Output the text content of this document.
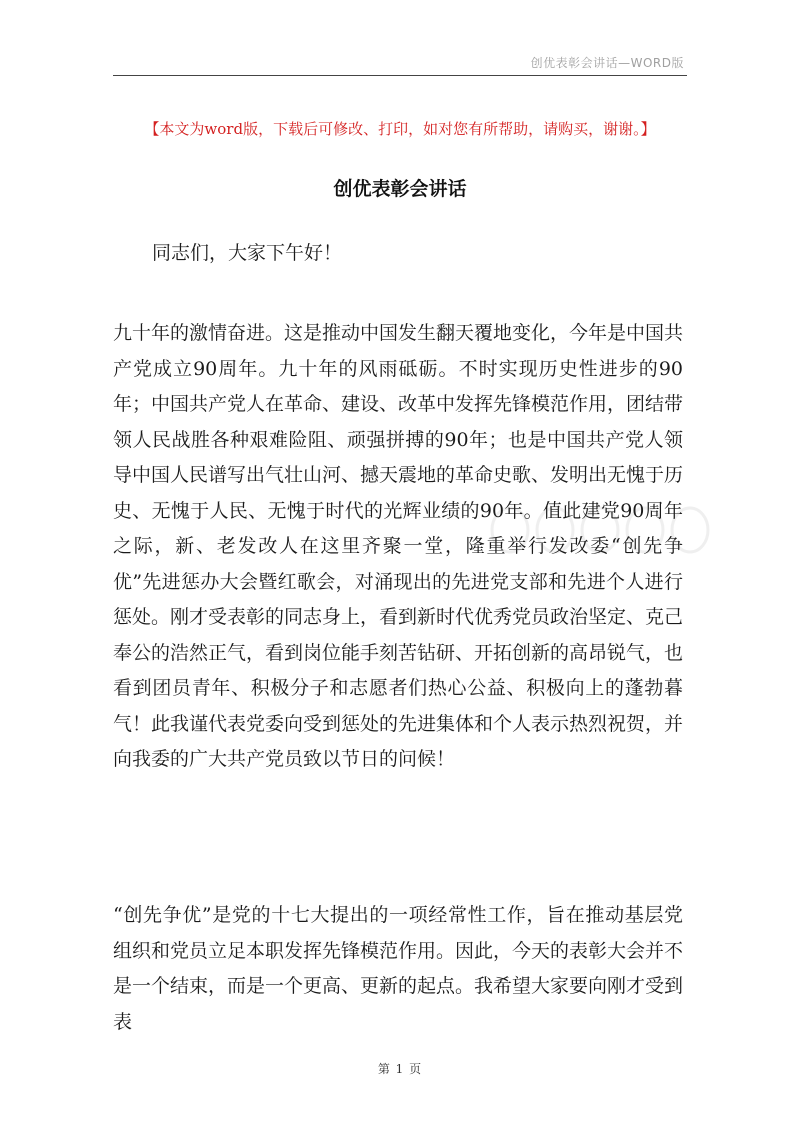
创优表彰会讲话—WORD版
【本文为word版，下载后可修改、打印，如对您有所帮助，请购买，谢谢。】
创优表彰会讲话
同志们，大家下午好！
九十年的激情奋进。这是推动中国发生翻天覆地变化，今年是中国共产党成立90周年。九十年的风雨砥砺。不时实现历史性进步的90年；中国共产党人在革命、建设、改革中发挥先锋模范作用，团结带领人民战胜各种艰难险阻、顽强拼搏的90年；也是中国共产党人领导中国人民谱写出气壮山河、撼天震地的革命史歌、发明出无愧于历史、无愧于人民、无愧于时代的光辉业绩的90年。值此建党90周年之际，新、老发改人在这里齐聚一堂，隆重举行发改委“创先争优”先进惩办大会暨红歌会，对涌现出的先进党支部和先进个人进行惩处。刚才受表彰的同志身上，看到新时代优秀党员政治坚定、克己奉公的浩然正气，看到岗位能手刻苦钻研、开拓创新的高昂锐气，也看到团员青年、积极分子和志愿者们热心公益、积极向上的蓬勃暮气！此我谨代表党委向受到惩处的先进集体和个人表示热烈祝贺，并向我委的广大共产党员致以节日的问候！
“创先争优”是党的十七大提出的一项经常性工作，旨在推动基层党组织和党员立足本职发挥先锋模范作用。因此，今天的表彰大会并不是一个结束，而是一个更高、更新的起点。我希望大家要向刚才受到表
第 1 页
